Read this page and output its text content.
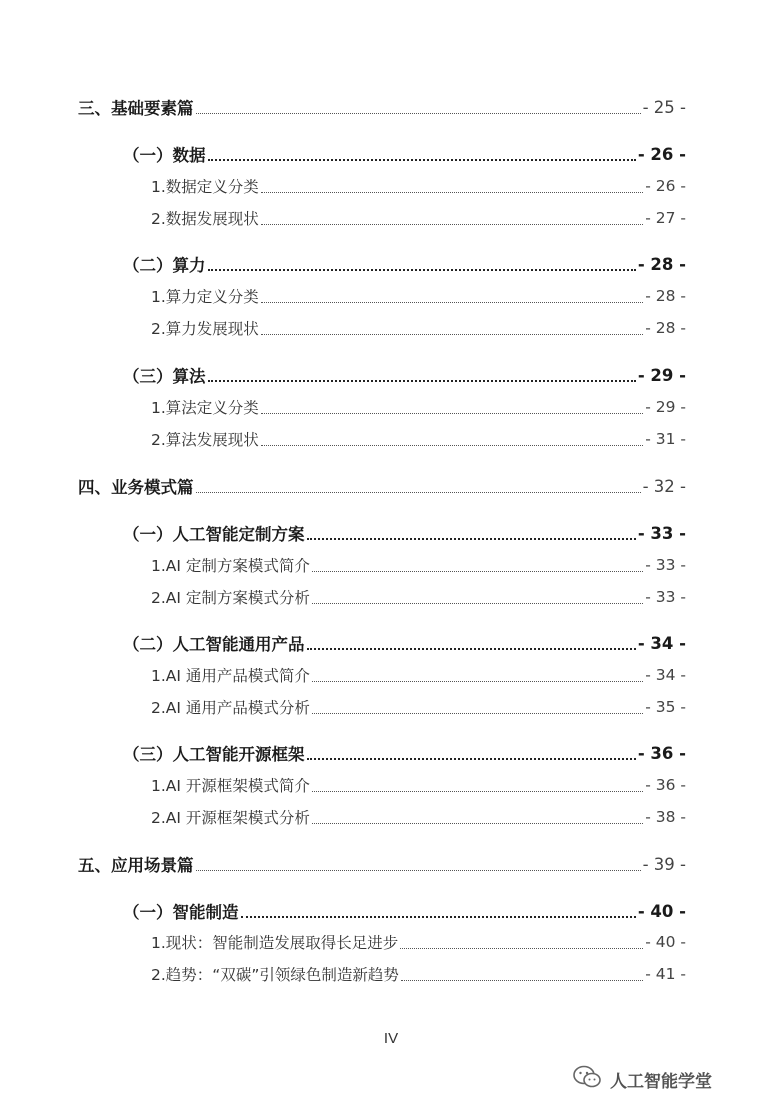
三、基础要素篇	- 25 -
（一）数据	- 26 -
1.数据定义分类	- 26 -
2.数据发展现状	- 27 -
（二）算力	- 28 -
1.算力定义分类	- 28 -
2.算力发展现状	- 28 -
（三）算法	- 29 -
1.算法定义分类	- 29 -
2.算法发展现状	- 31 -
四、业务模式篇	- 32 -
（一）人工智能定制方案	- 33 -
1.AI 定制方案模式简介	- 33 -
2.AI 定制方案模式分析	- 33 -
（二）人工智能通用产品	- 34 -
1.AI 通用产品模式简介	- 34 -
2.AI 通用产品模式分析	- 35 -
（三）人工智能开源框架	- 36 -
1.AI 开源框架模式简介	- 36 -
2.AI 开源框架模式分析	- 38 -
五、应用场景篇	- 39 -
（一）智能制造	- 40 -
1.现状：智能制造发展取得长足进步	- 40 -
2.趋势：“双碳”引领绿色制造新趋势	- 41 -
IV
人工智能学堂
